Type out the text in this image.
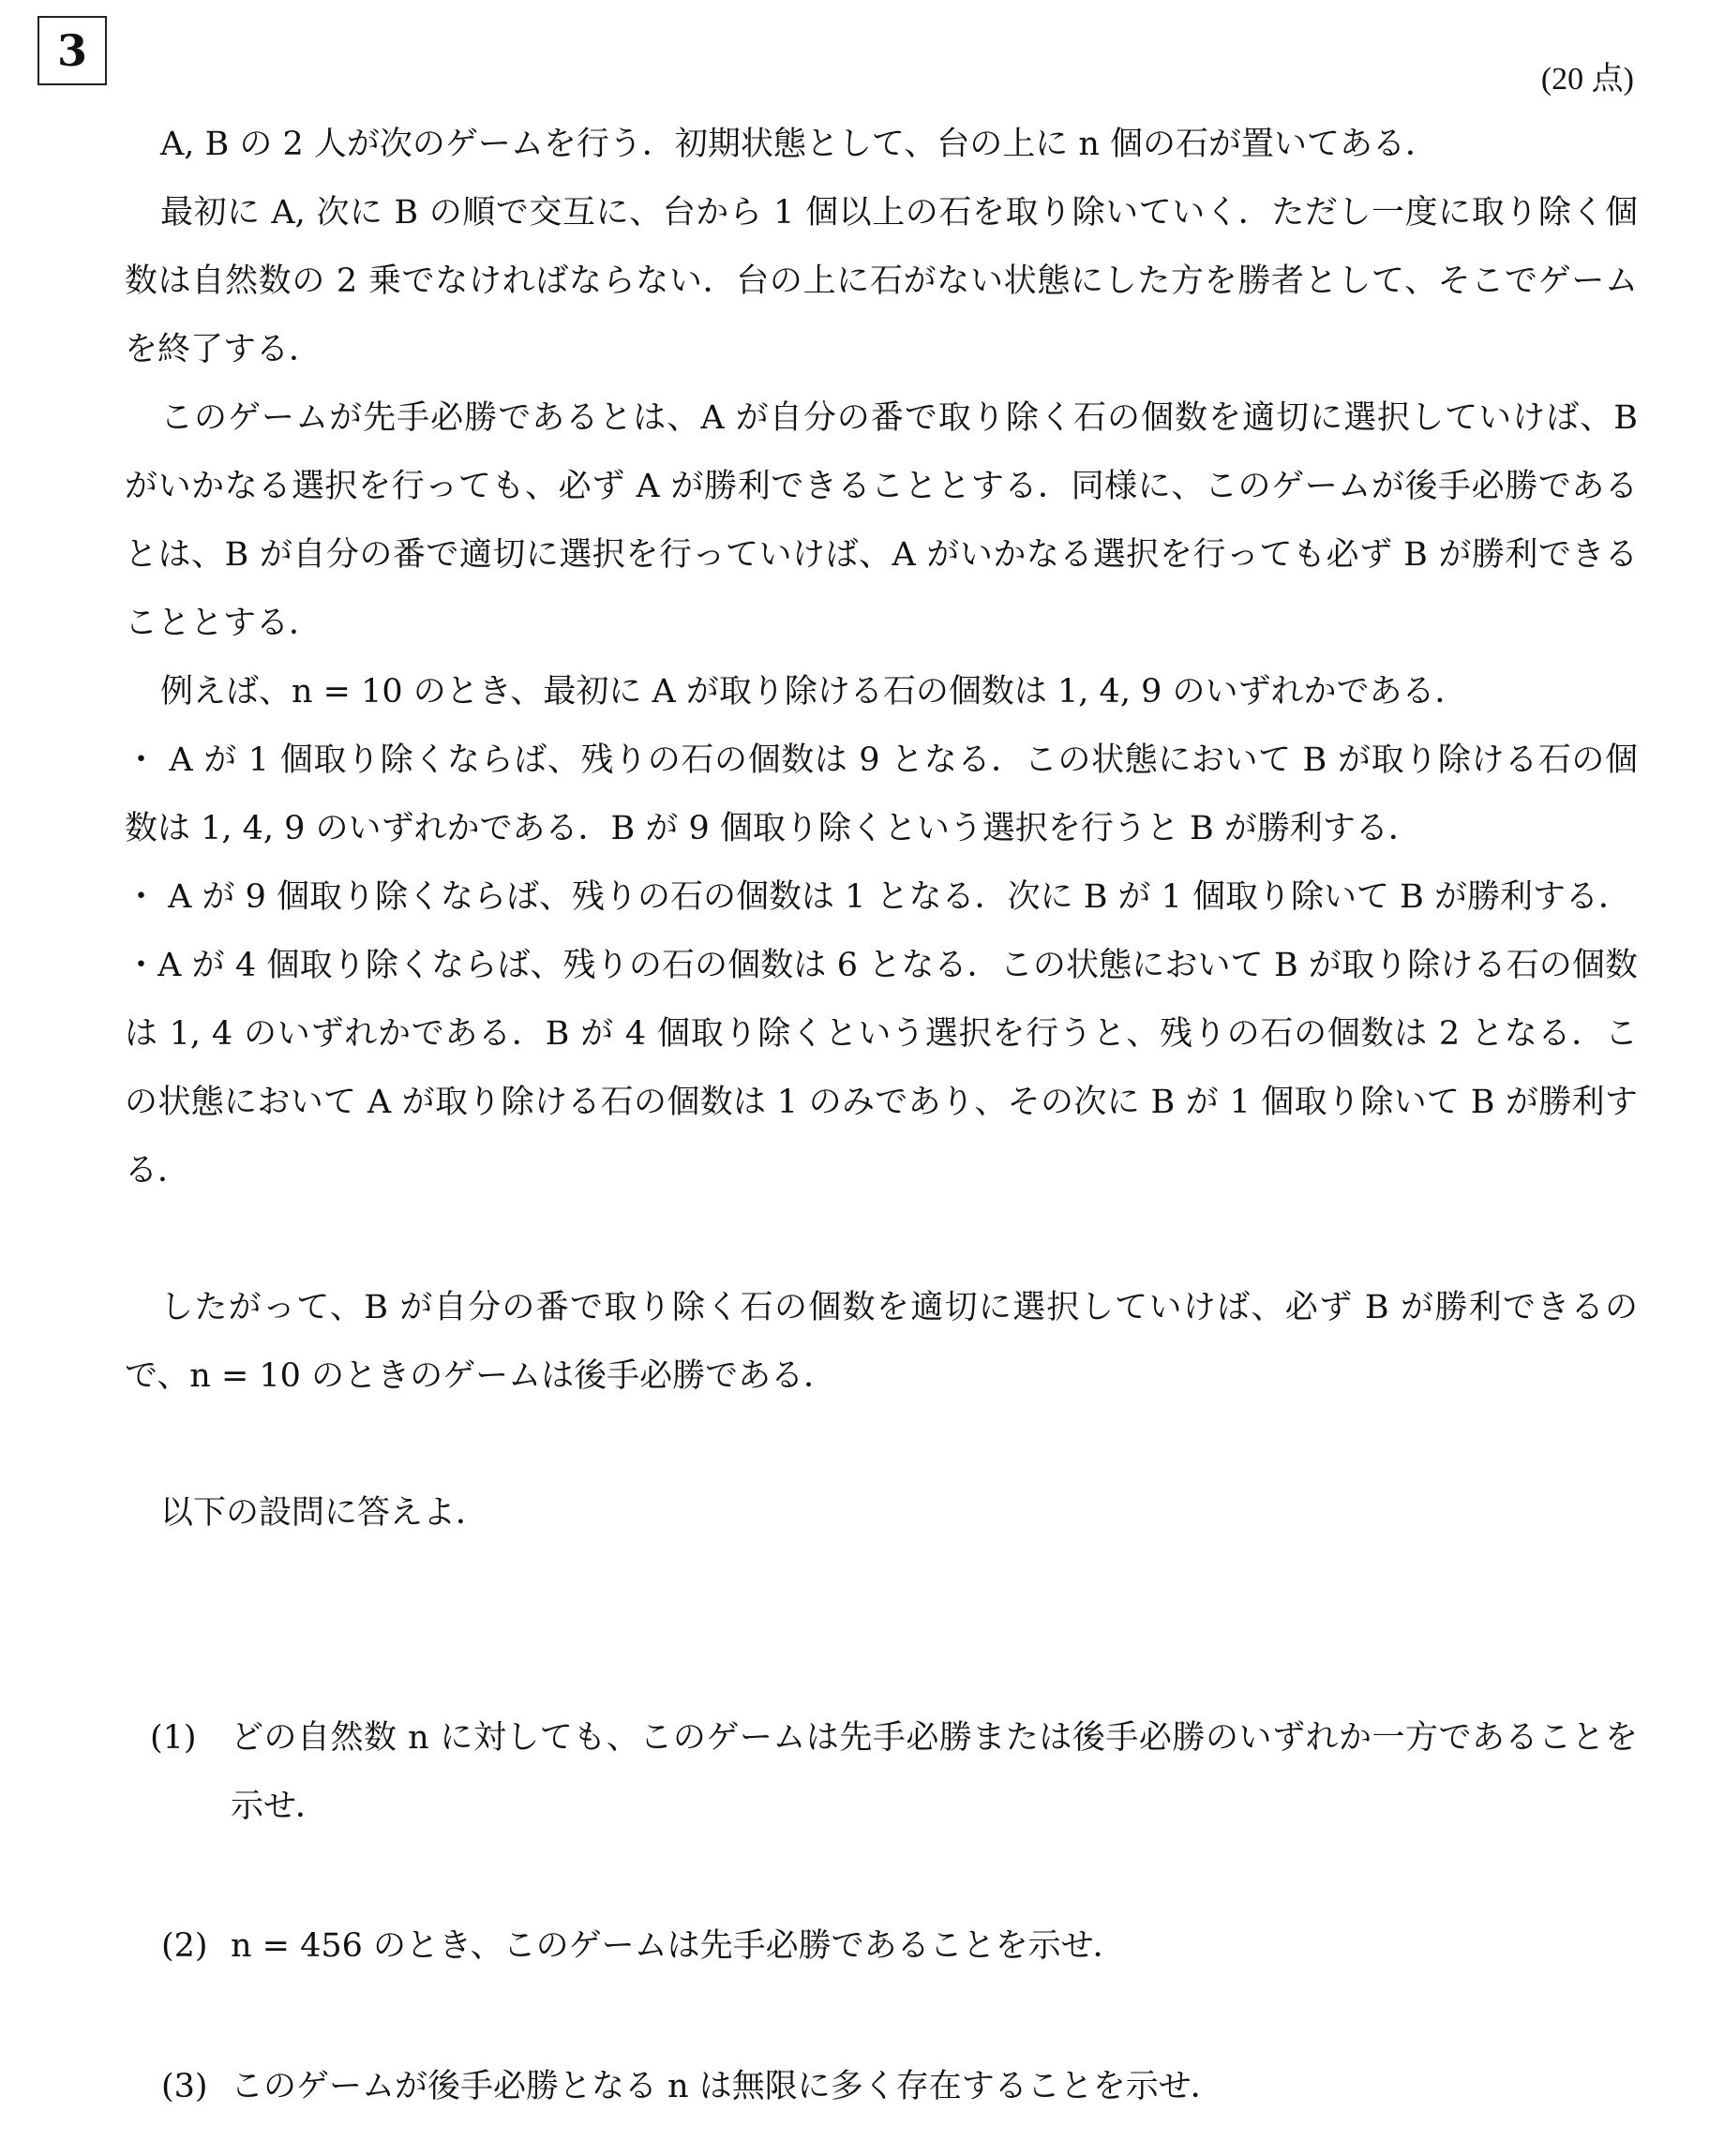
3
(20 点)

A, B の 2 人が次のゲームを行う．初期状態として、台の上に n 個の石が置いてある．

最初に A, 次に B の順で交互に、台から 1 個以上の石を取り除いていく．ただし一度に取り除く個数は自然数の 2 乗でなければならない．台の上に石がない状態にした方を勝者として、そこでゲームを終了する．

このゲームが先手必勝であるとは、A が自分の番で取り除く石の個数を適切に選択していけば、B がいかなる選択を行っても、必ず A が勝利できることとする．同様に、このゲームが後手必勝であるとは、B が自分の番で適切に選択を行っていけば、A がいかなる選択を行っても必ず B が勝利できることとする．

例えば、n = 10 のとき、最初に A が取り除ける石の個数は 1, 4, 9 のいずれかである．

・ A が 1 個取り除くならば、残りの石の個数は 9 となる．この状態において B が取り除ける石の個数は 1, 4, 9 のいずれかである．B が 9 個取り除くという選択を行うと B が勝利する．

・ A が 9 個取り除くならば、残りの石の個数は 1 となる．次に B が 1 個取り除いて B が勝利する．

・A が 4 個取り除くならば、残りの石の個数は 6 となる．この状態において B が取り除ける石の個数は 1, 4 のいずれかである．B が 4 個取り除くという選択を行うと、残りの石の個数は 2 となる．この状態において A が取り除ける石の個数は 1 のみであり、その次に B が 1 個取り除いて B が勝利する．

したがって、B が自分の番で取り除く石の個数を適切に選択していけば、必ず B が勝利できるので、n = 10 のときのゲームは後手必勝である．

以下の設問に答えよ．

(1)	どの自然数 n に対しても、このゲームは先手必勝または後手必勝のいずれか一方であることを示せ．
(2) n = 456 のとき、このゲームは先手必勝であることを示せ．
(3) このゲームが後手必勝となる n は無限に多く存在することを示せ．
